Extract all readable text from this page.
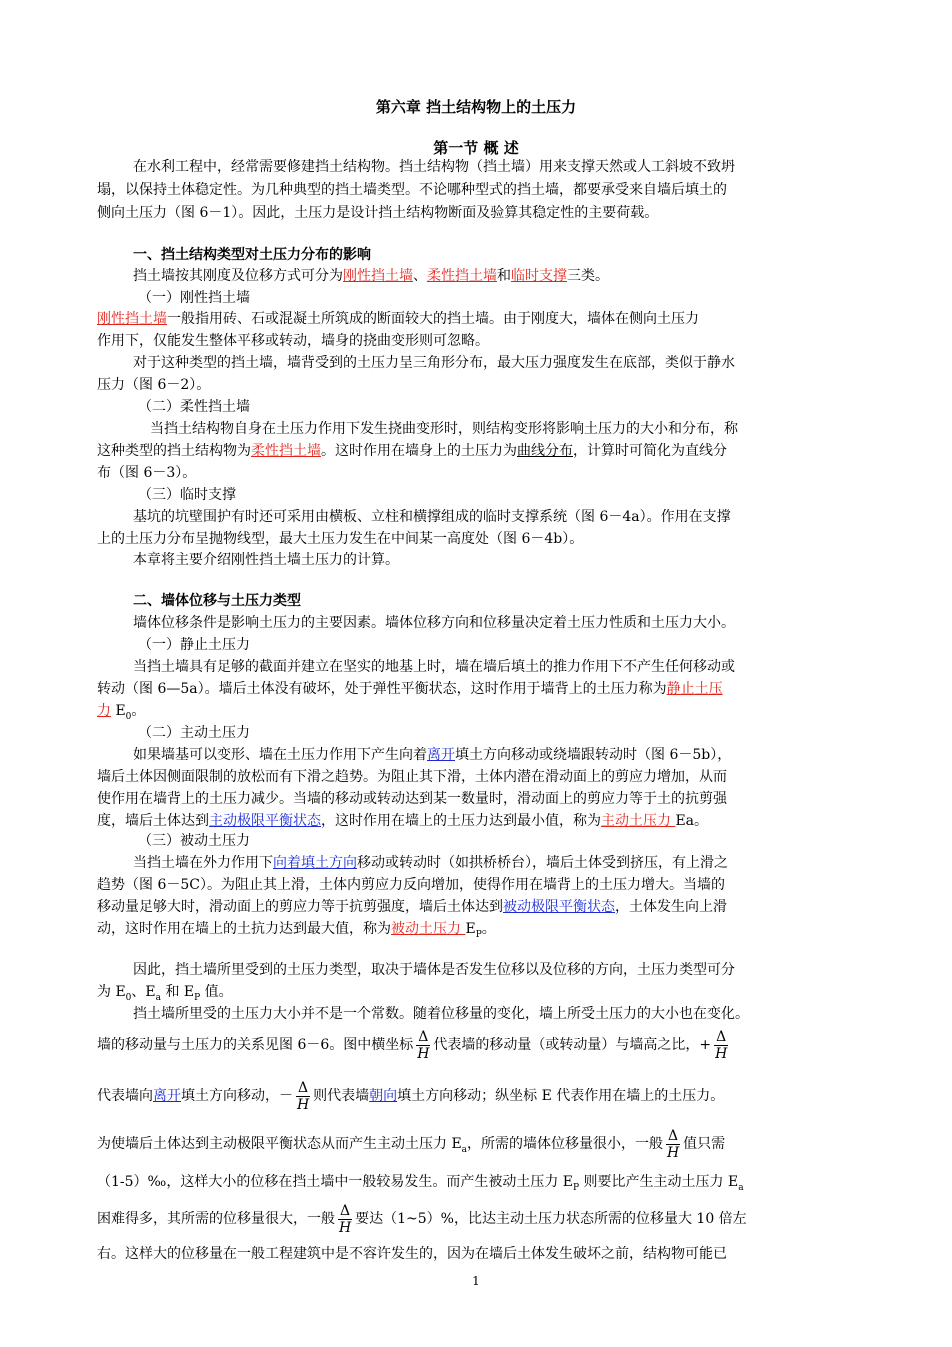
第六章 挡土结构物上的土压力
第一节 概 述
在水利工程中，经常需要修建挡土结构物。挡土结构物（挡土墙）用来支撑天然或人工斜坡不致坍
塌，以保持土体稳定性。为几种典型的挡土墙类型。不论哪种型式的挡土墙，都要承受来自墙后填土的
侧向土压力（图 6－1）。因此，土压力是设计挡土结构物断面及验算其稳定性的主要荷载。
一、挡土结构类型对土压力分布的影响
挡土墙按其刚度及位移方式可分为刚性挡土墙、柔性挡土墙和临时支撑三类。
（一）刚性挡土墙
刚性挡土墙一般指用砖、石或混凝土所筑成的断面较大的挡土墙。由于刚度大，墙体在侧向土压力
作用下，仅能发生整体平移或转动，墙身的挠曲变形则可忽略。
对于这种类型的挡土墙，墙背受到的土压力呈三角形分布，最大压力强度发生在底部，类似于静水
压力（图 6－2）。
（二）柔性挡土墙
当挡土结构物自身在土压力作用下发生挠曲变形时，则结构变形将影响土压力的大小和分布，称
这种类型的挡土结构物为柔性挡土墙。这时作用在墙身上的土压力为曲线分布，计算时可简化为直线分
布（图 6－3）。
（三）临时支撑
基坑的坑壁围护有时还可采用由横板、立柱和横撑组成的临时支撑系统（图 6－4a）。作用在支撑
上的土压力分布呈抛物线型，最大土压力发生在中间某一高度处（图 6－4b）。
本章将主要介绍刚性挡土墙土压力的计算。
二、墙体位移与土压力类型
墙体位移条件是影响土压力的主要因素。墙体位移方向和位移量决定着土压力性质和土压力大小。
（一）静止土压力
当挡土墙具有足够的截面并建立在坚实的地基上时，墙在墙后填土的推力作用下不产生任何移动或
转动（图 6—5a）。墙后土体没有破坏，处于弹性平衡状态，这时作用于墙背上的土压力称为静止土压
力 $E_0$。
（二）主动土压力
如果墙基可以变形、墙在土压力作用下产生向着离开填土方向移动或绕墙跟转动时（图 6－5b），
墙后土体因侧面限制的放松而有下滑之趋势。为阻止其下滑，土体内潜在滑动面上的剪应力增加，从而
使作用在墙背上的土压力减少。当墙的移动或转动达到某一数量时，滑动面上的剪应力等于土的抗剪强
度，墙后土体达到主动极限平衡状态，这时作用在墙上的土压力达到最小值，称为主动土压力 Ea。
（三）被动土压力
当挡土墙在外力作用下向着填土方向移动或转动时（如拱桥桥台），墙后土体受到挤压，有上滑之
趋势（图 6－5C）。为阻止其上滑，土体内剪应力反向增加，使得作用在墙背上的土压力增大。当墙的
移动量足够大时，滑动面上的剪应力等于抗剪强度，墙后土体达到被动极限平衡状态，土体发生向上滑
动，这时作用在墙上的土抗力达到最大值，称为被动土压力 $E_P$。
因此，挡土墙所里受到的土压力类型，取决于墙体是否发生位移以及位移的方向，土压力类型可分
为 $E_0$、$E_a$ 和 $E_P$ 值。
挡土墙所里受的土压力大小并不是一个常数。随着位移量的变化，墙上所受土压力的大小也在变化。
墙的移动量与土压力的关系见图 6－6。图中横坐标 $\frac{\Delta}{H}$ 代表墙的移动量（或转动量）与墙高之比，+ $\frac{\Delta}{H}$
代表墙向离开填土方向移动，－ $\frac{\Delta}{H}$ 则代表墙朝向填土方向移动；纵坐标 E 代表作用在墙上的土压力。
为使墙后土体达到主动极限平衡状态从而产生主动土压力 $E_a$，所需的墙体位移量很小，一般 $\frac{\Delta}{H}$ 值只需
（1-5）‰，这样大小的位移在挡土墙中一般较易发生。而产生被动土压力 $E_P$ 则要比产生主动土压力 $E_a$
困难得多，其所需的位移量很大，一般 $\frac{\Delta}{H}$ 要达（1~5）%，比达主动土压力状态所需的位移量大 10 倍左
右。这样大的位移量在一般工程建筑中是不容许发生的，因为在墙后土体发生破坏之前，结构物可能已
1
